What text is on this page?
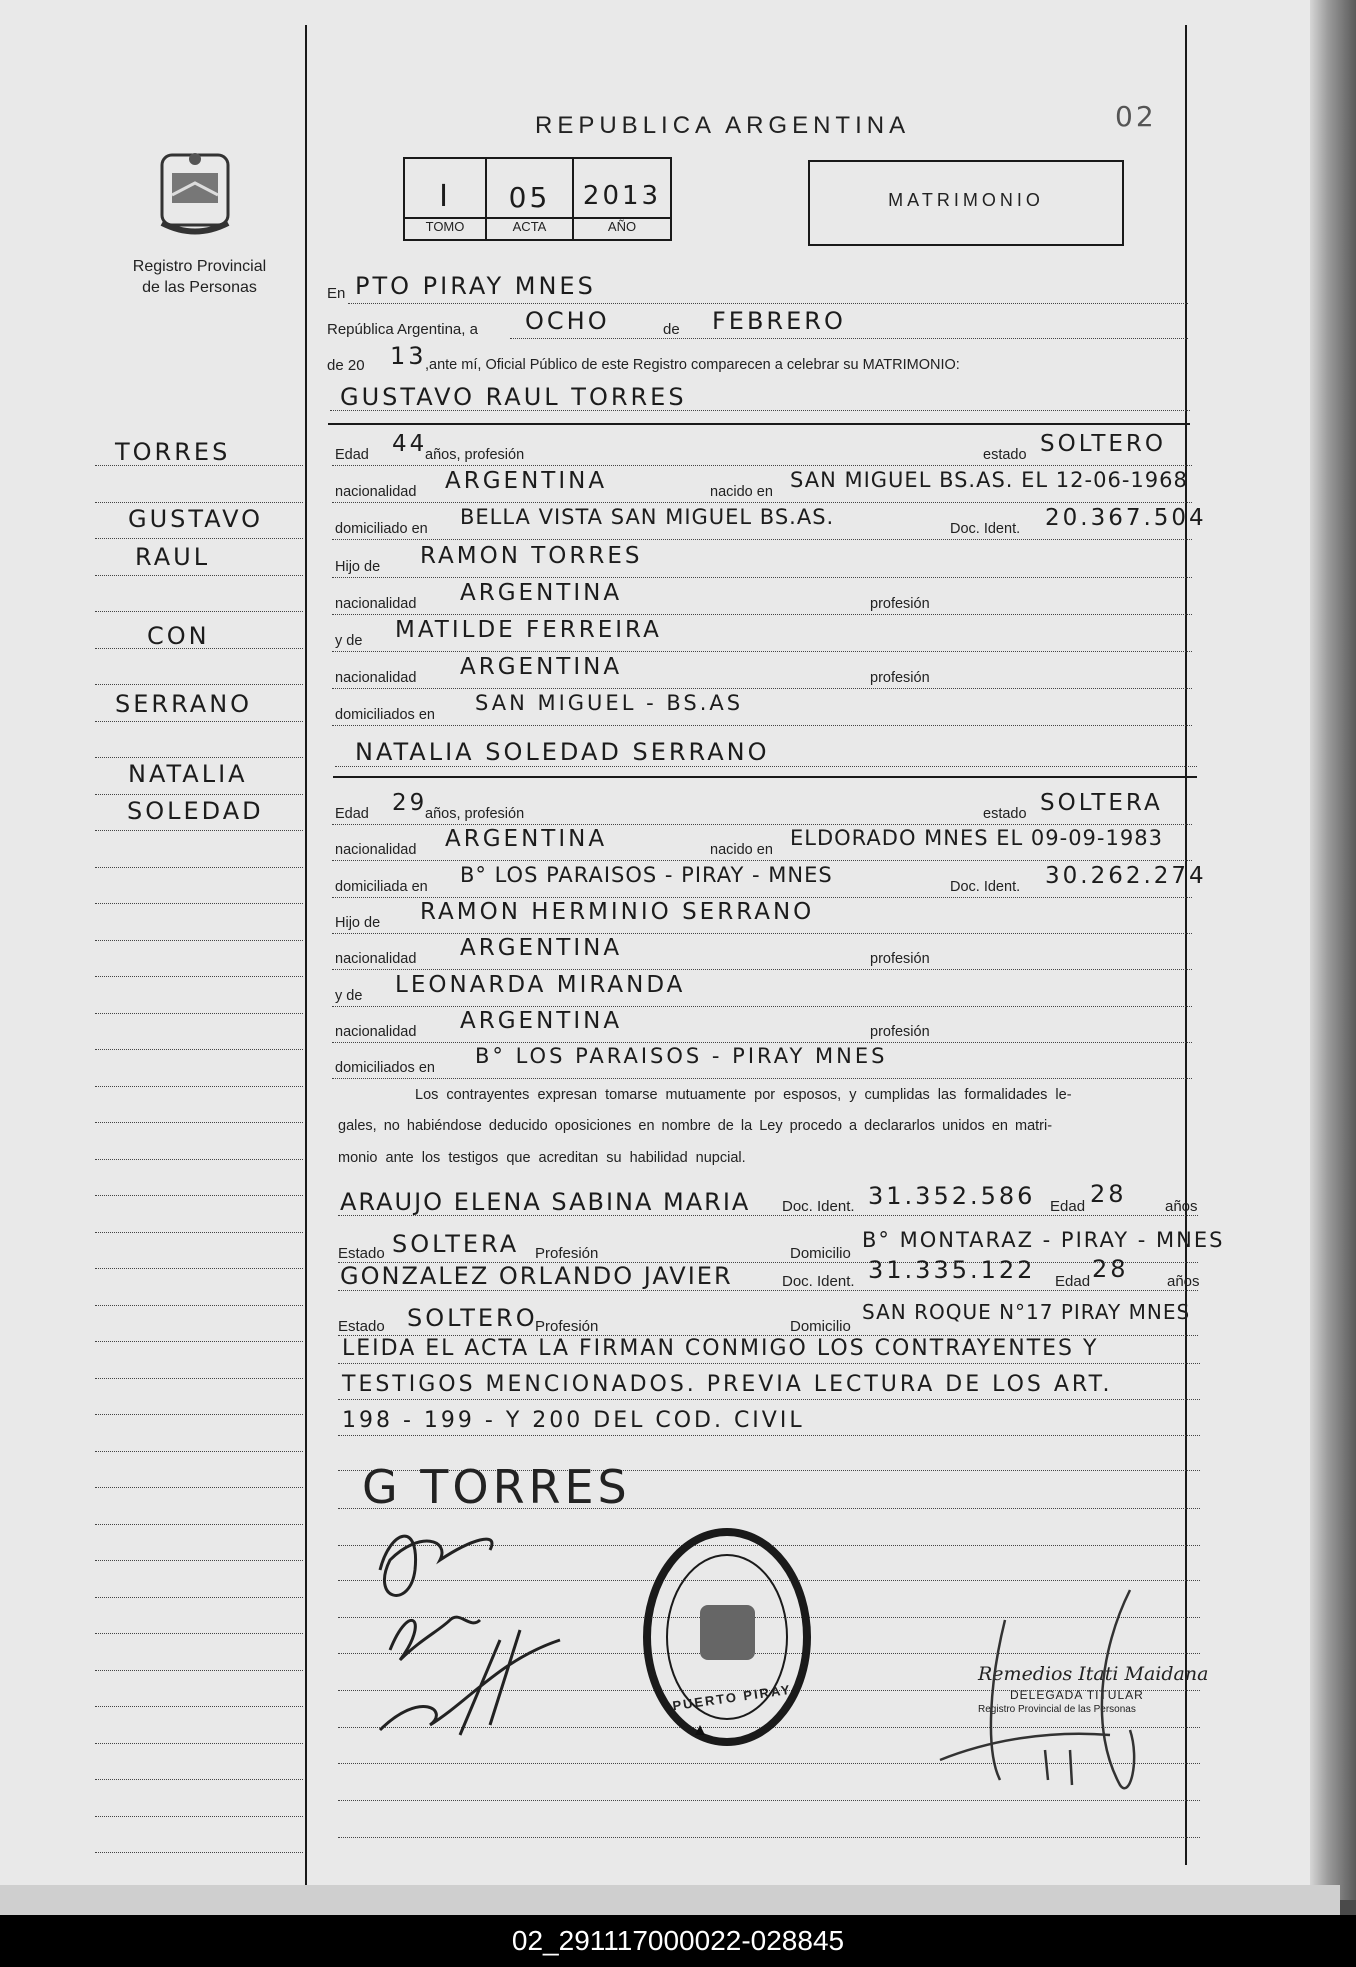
Registro Provincial
de las Personas
REPUBLICA ARGENTINA	02
I	05	2013
TOMO	ACTA	AÑO
MATRIMONIO
TORRES
GUSTAVO
RAUL
CON
SERRANO
NATALIA
SOLEDAD
En PTO PIRAY MNES
República Argentina, a OCHO	de FEBRERO
de 20 13
,ante mí, Oficial Público de este Registro comparecen a celebrar su MATRIMONIO:
GUSTAVO RAUL TORRES
Edad 44
años, profesión	estado SOLTERO
nacionalidad ARGENTINA	nacido en SAN MIGUEL BS.AS. EL 12-06-1968
domiciliado en BELLA VISTA SAN MIGUEL BS.AS.	Doc. Ident. 20.367.504
Hijo de RAMON TORRES
nacionalidad ARGENTINA	profesión
y de MATILDE FERREIRA
nacionalidad ARGENTINA	profesión
domiciliados en SAN MIGUEL - BS.AS
NATALIA SOLEDAD SERRANO
Edad 29
años, profesión	estado SOLTERA
nacionalidad ARGENTINA	nacido en ELDORADO MNES EL 09-09-1983
domiciliada en B° LOS PARAISOS - PIRAY - MNES	Doc. Ident. 30.262.274
Hijo de RAMON HERMINIO SERRANO
nacionalidad ARGENTINA	profesión
y de LEONARDA MIRANDA
nacionalidad ARGENTINA	profesión
domiciliados en B° LOS PARAISOS - PIRAY MNES
Los contrayentes expresan tomarse mutuamente por esposos, y cumplidas las formalidades le-
gales, no habiéndose deducido oposiciones en nombre de la Ley procedo a declararlos unidos en matri-
monio ante los testigos que acreditan su habilidad nupcial.
ARAUJO ELENA SABINA MARIA Doc. Ident. 31.352.586 Edad 28	años
Estado SOLTERA Profesión	Domicilio
B° MONTARAZ - PIRAY - MNES
GONZALEZ ORLANDO JAVIER	Doc. Ident. 31.335.122 Edad 28	años
Estado SOLTERO
Profesión	Domicilio
SAN ROQUE N°17 PIRAY MNES
LEIDA EL ACTA LA FIRMAN CONMIGO LOS CONTRAYENTES Y
TESTIGOS MENCIONADOS. PREVIA LECTURA DE LOS ART.
198 - 199 - Y 200 DEL COD. CIVIL
G TORRES
PUERTO PIRAY
Remedios Itati Maidana
DELEGADA TITULAR
Registro Provincial de las Personas
02_291117000022-028845
